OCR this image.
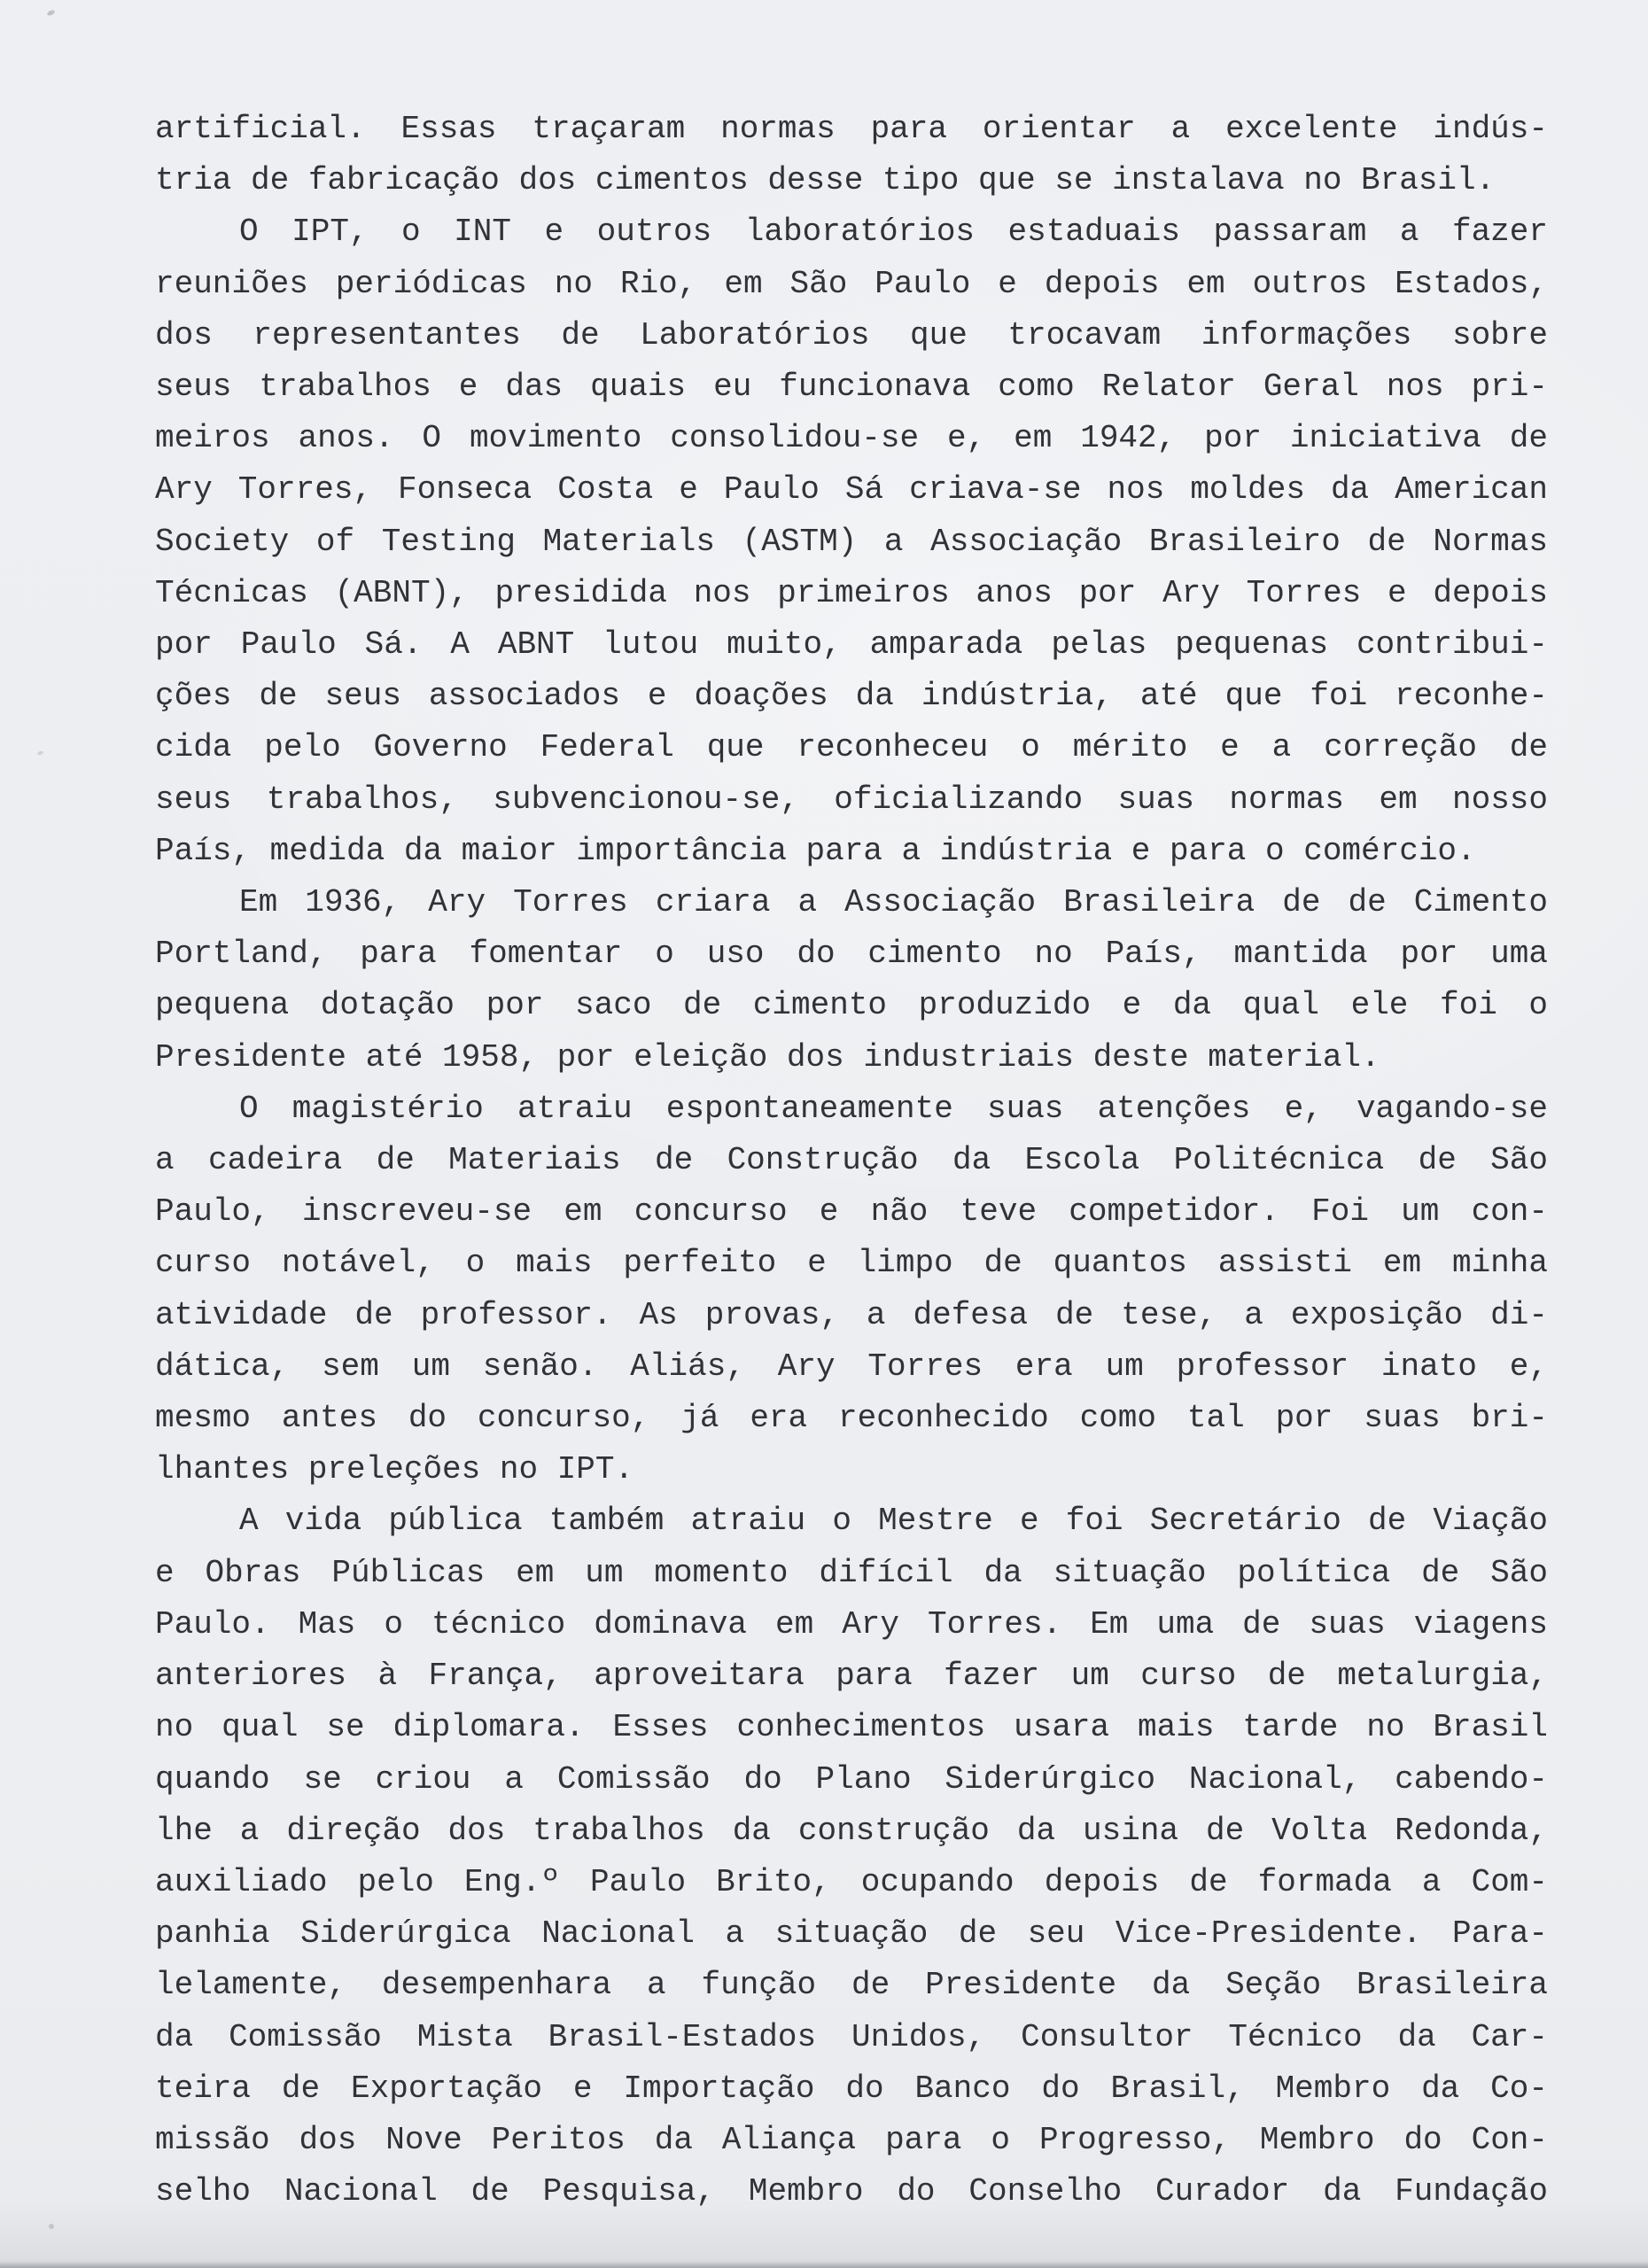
artificial. Essas traçaram normas para orientar a excelente indús-
tria de fabricação dos cimentos desse tipo que se instalava no Brasil.
O IPT, o INT e outros laboratórios estaduais passaram a fazer
reuniões periódicas no Rio, em São Paulo e depois em outros Estados,
dos representantes de Laboratórios que trocavam informações sobre
seus trabalhos e das quais eu funcionava como Relator Geral nos pri-
meiros anos. O movimento consolidou-se e, em 1942, por iniciativa de
Ary Torres, Fonseca Costa e Paulo Sá criava-se nos moldes da American
Society of Testing Materials (ASTM) a Associação Brasileiro de Normas
Técnicas (ABNT), presidida nos primeiros anos por Ary Torres e depois
por Paulo Sá. A ABNT lutou muito, amparada pelas pequenas contribui-
ções de seus associados e doações da indústria, até que foi reconhe-
cida pelo Governo Federal que reconheceu o mérito e a correção de
seus trabalhos, subvencionou-se, oficializando suas normas em nosso
País, medida da maior importância para a indústria e para o comércio.
Em 1936, Ary Torres criara a Associação Brasileira de de Cimento
Portland, para fomentar o uso do cimento no País, mantida por uma
pequena dotação por saco de cimento produzido e da qual ele foi o
Presidente até 1958, por eleição dos industriais deste material.
O magistério atraiu espontaneamente suas atenções e, vagando-se
a cadeira de Materiais de Construção da Escola Politécnica de São
Paulo, inscreveu-se em concurso e não teve competidor. Foi um con-
curso notável, o mais perfeito e limpo de quantos assisti em minha
atividade de professor. As provas, a defesa de tese, a exposição di-
dática, sem um senão. Aliás, Ary Torres era um professor inato e,
mesmo antes do concurso, já era reconhecido como tal por suas bri-
lhantes preleções no IPT.
A vida pública também atraiu o Mestre e foi Secretário de Viação
e Obras Públicas em um momento difícil da situação política de São
Paulo. Mas o técnico dominava em Ary Torres. Em uma de suas viagens
anteriores à França, aproveitara para fazer um curso de metalurgia,
no qual se diplomara. Esses conhecimentos usara mais tarde no Brasil
quando se criou a Comissão do Plano Siderúrgico Nacional, cabendo-
lhe a direção dos trabalhos da construção da usina de Volta Redonda,
auxiliado pelo Eng.º Paulo Brito, ocupando depois de formada a Com-
panhia Siderúrgica Nacional a situação de seu Vice-Presidente. Para-
lelamente, desempenhara a função de Presidente da Seção Brasileira
da Comissão Mista Brasil-Estados Unidos, Consultor Técnico da Car-
teira de Exportação e Importação do Banco do Brasil, Membro da Co-
missão dos Nove Peritos da Aliança para o Progresso, Membro do Con-
selho Nacional de Pesquisa, Membro do Conselho Curador da Fundação
